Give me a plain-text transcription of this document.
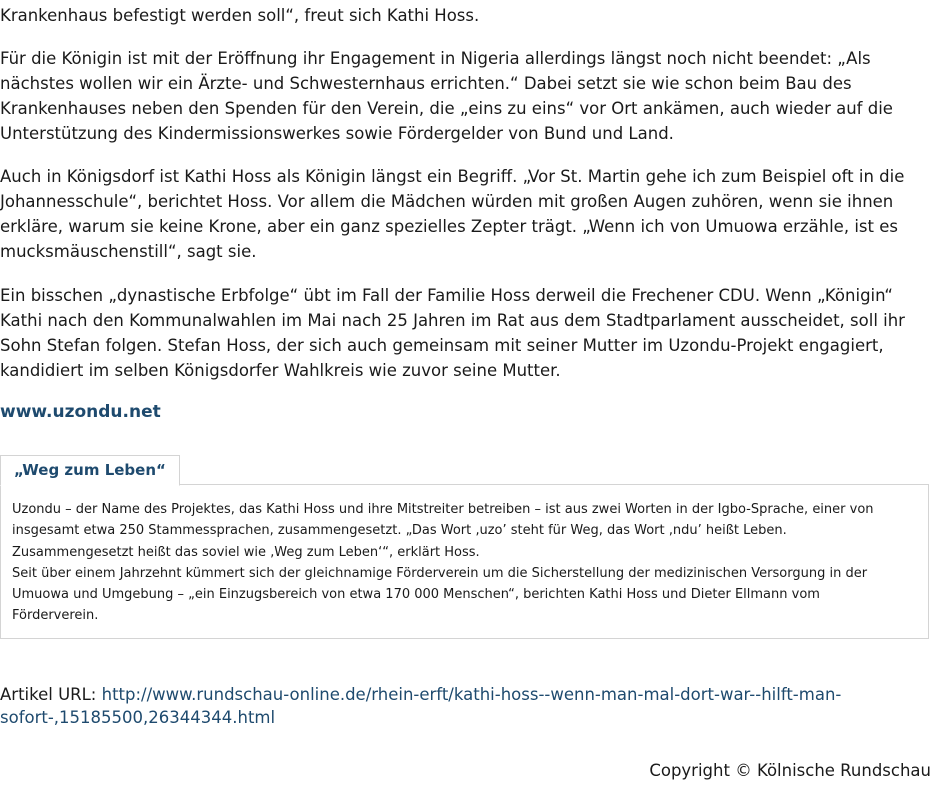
Krankenhaus befestigt werden soll“, freut sich Kathi Hoss.

Für die Königin ist mit der Eröffnung ihr Engagement in Nigeria allerdings längst noch nicht beendet: „Als nächstes wollen wir ein Ärzte- und Schwesternhaus errichten.“ Dabei setzt sie wie schon beim Bau des Krankenhauses neben den Spenden für den Verein, die „eins zu eins“ vor Ort ankämen, auch wieder auf die Unterstützung des Kindermissionswerkes sowie Fördergelder von Bund und Land.

Auch in Königsdorf ist Kathi Hoss als Königin längst ein Begriff. „Vor St. Martin gehe ich zum Beispiel oft in die Johannesschule“, berichtet Hoss. Vor allem die Mädchen würden mit großen Augen zuhören, wenn sie ihnen erkläre, warum sie keine Krone, aber ein ganz spezielles Zepter trägt. „Wenn ich von Umuowa erzähle, ist es mucksmäuschenstill“, sagt sie.

Ein bisschen „dynastische Erbfolge“ übt im Fall der Familie Hoss derweil die Frechener CDU. Wenn „Königin“ Kathi nach den Kommunalwahlen im Mai nach 25 Jahren im Rat aus dem Stadtparlament ausscheidet, soll ihr Sohn Stefan folgen. Stefan Hoss, der sich auch gemeinsam mit seiner Mutter im Uzondu-Projekt engagiert, kandidiert im selben Königsdorfer Wahlkreis wie zuvor seine Mutter.

www.uzondu.net
„Weg zum Leben“

Uzondu – der Name des Projektes, das Kathi Hoss und ihre Mitstreiter betreiben – ist aus zwei Worten in der Igbo-Sprache, einer von

insgesamt etwa 250 Stammessprachen, zusammengesetzt. „Das Wort ‚uzo’ steht für Weg, das Wort ‚ndu’ heißt Leben.

Zusammengesetzt heißt das soviel wie ‚Weg zum Leben‘“, erklärt Hoss.

Seit über einem Jahrzehnt kümmert sich der gleichnamige Förderverein um die Sicherstellung der medizinischen Versorgung in der

Umuowa und Umgebung – „ein Einzugsbereich von etwa 170 000 Menschen“, berichten Kathi Hoss und Dieter Ellmann vom

Förderverein.

Artikel URL: http://www.rundschau-online.de/rhein-erft/kathi-hoss--wenn-man-mal-dort-war--hilft-man-sofort-,15185500,26344344.html
Copyright © Kölnische Rundschau
